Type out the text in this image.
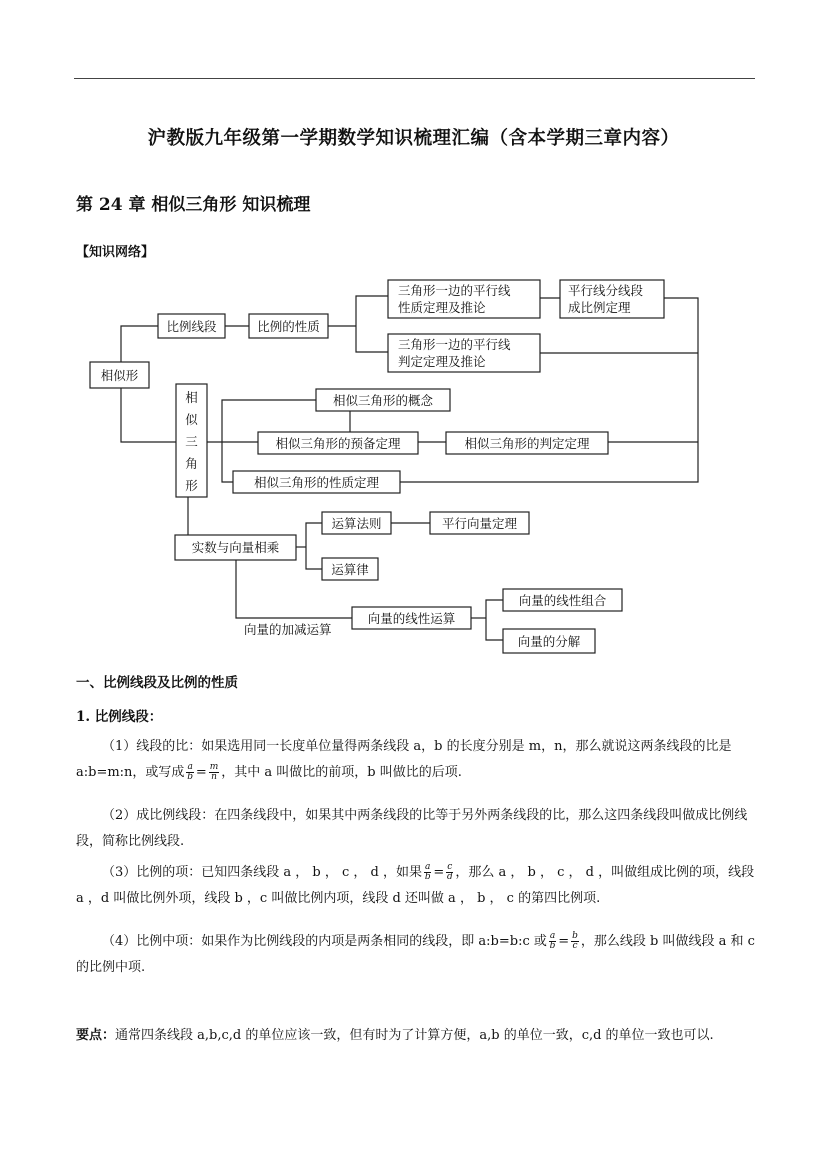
沪教版九年级第一学期数学知识梳理汇编（含本学期三章内容）
第 24 章 相似三角形 知识梳理
【知识网络】
相似形
比例线段	比例的性质
三角形一边的平行线
性质定理及推论
平行线分线段
成比例定理
三角形一边的平行线
判定定理及推论
相
似
三
角
形
相似三角形的概念
相似三角形的预备定理	相似三角形的判定定理
相似三角形的性质定理
实数与向量相乘
运算法则	平行向量定理
运算律
向量的加减运算
向量的线性运算
向量的线性组合
向量的分解
一、比例线段及比例的性质
1. 比例线段：
（1）线段的比：如果选用同一长度单位量得两条线段 a，b 的长度分别是 m，n，那么就说这两条线段的比是 a:b=m:n，或写成 $\frac{a}{b} = \frac{m}{n}$ ，其中 a 叫做比的前项，b 叫做比的后项.
（2）成比例线段：在四条线段中，如果其中两条线段的比等于另外两条线段的比，那么这四条线段叫做成比例线段，简称比例线段.
（3）比例的项：已知四条线段 a ， b ， c ， d ，如果 $\frac{a}{b} = \frac{c}{d}$ ，那么 a ， b ， c ， d ，叫做组成比例的项，线段 a ，d 叫做比例外项，线段 b ，c 叫做比例内项，线段 d 还叫做 a ， b ， c 的第四比例项.
（4）比例中项：如果作为比例线段的内项是两条相同的线段，即 a:b=b:c 或 $\frac{a}{b} = \frac{b}{c}$ ，那么线段 b 叫做线段 a 和 c 的比例中项.
要点：通常四条线段 a,b,c,d 的单位应该一致，但有时为了计算方便，a,b 的单位一致，c,d 的单位一致也可以.
